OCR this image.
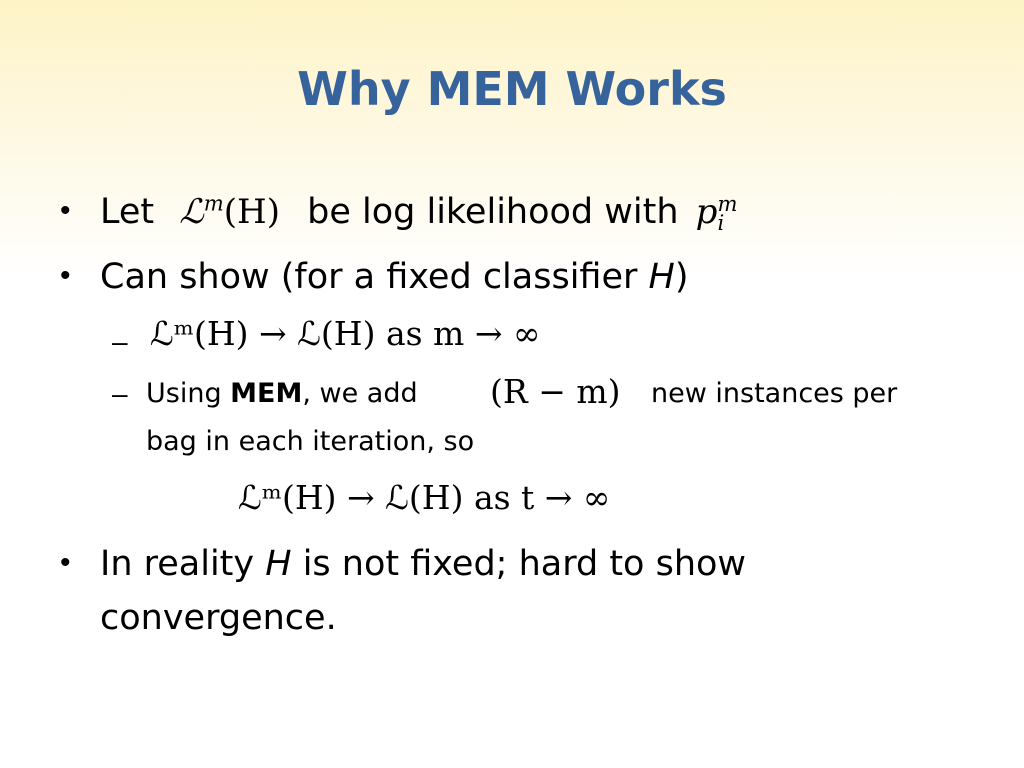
Why MEM Works
• Let ℒ$^m$(H) be log likelihood with p m
i
• Can show (for a fixed classifier H)
– ℒᵐ(H) → ℒ(H) as m → ∞
– Using MEM, we add (R − m) new instances per
bag in each iteration, so
ℒᵐ(H) → ℒ(H) as t → ∞
• In reality H is not fixed; hard to show
convergence.
